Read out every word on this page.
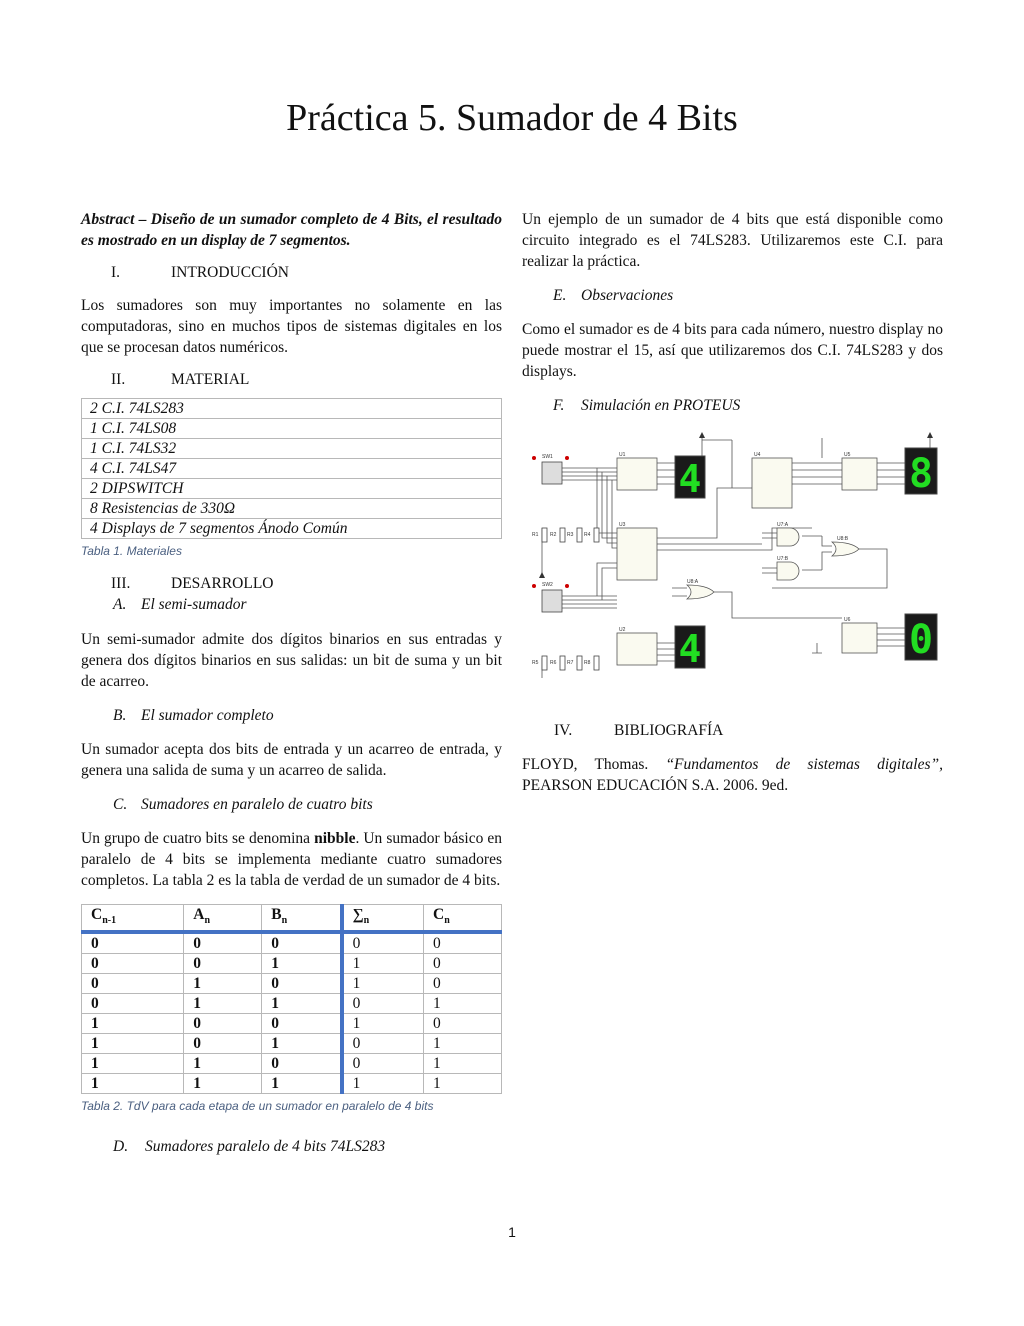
Práctica 5. Sumador de 4 Bits
Abstract – Diseño de un sumador completo de 4 Bits, el resultado es mostrado en un display de 7 segmentos.
I.	INTRODUCCIÓN
Los sumadores son muy importantes no solamente en las computadoras, sino en muchos tipos de sistemas digitales en los que se procesan datos numéricos.
II.	MATERIAL
2 C.I. 74LS283
1 C.I. 74LS08
1 C.I. 74LS32
4 C.I. 74LS47
2 DIPSWITCH
8 Resistencias de 330Ω
4 Displays de 7 segmentos Ánodo Común
Tabla 1. Materiales
III.	DESARROLLO
A. El semi-sumador
Un semi-sumador admite dos dígitos binarios en sus entradas y genera dos dígitos binarios en sus salidas: un bit de suma y un bit de acarreo.
B. El sumador completo
Un sumador acepta dos bits de entrada y un acarreo de entrada, y genera una salida de suma y un acarreo de salida.
C. Sumadores en paralelo de cuatro bits
Un grupo de cuatro bits se denomina nibble. Un sumador básico en paralelo de 4 bits se implementa mediante cuatro sumadores completos. La tabla 2 es la tabla de verdad de un sumador de 4 bits.
$C_{n-1}$	$A_n$	$B_n$	$\sum_n$	$C_n$
0	0	0	0	0
0	0	1	1	0
0	1	0	1	0
0	1	1	0	1
1	0	0	1	0
1	0	1	0	1
1	1	0	0	1
1	1	1	1	1
Tabla 2. TdV para cada etapa de un sumador en paralelo de 4 bits
D.	Sumadores paralelo de 4 bits 74LS283
Un ejemplo de un sumador de 4 bits que está disponible como circuito integrado es el 74LS283. Utilizaremos este C.I. para realizar la práctica.
E. Observaciones
Como el sumador es de 4 bits para cada número, nuestro display no puede mostrar el 15, así que utilizaremos dos C.I. 74LS283 y dos displays.
F.	Simulación en PROTEUS
SW1
SW2
U1
U2
U3
U4	U5
U6
U7:A
U7:B
U8:A
U8:B
R1 R2 R3 R4
R5 R6 R7 R8
4	8
4	0
IV.	BIBLIOGRAFÍA
FLOYD, Thomas. “Fundamentos de sistemas digitales”, PEARSON EDUCACIÓN S.A. 2006. 9ed.
1
